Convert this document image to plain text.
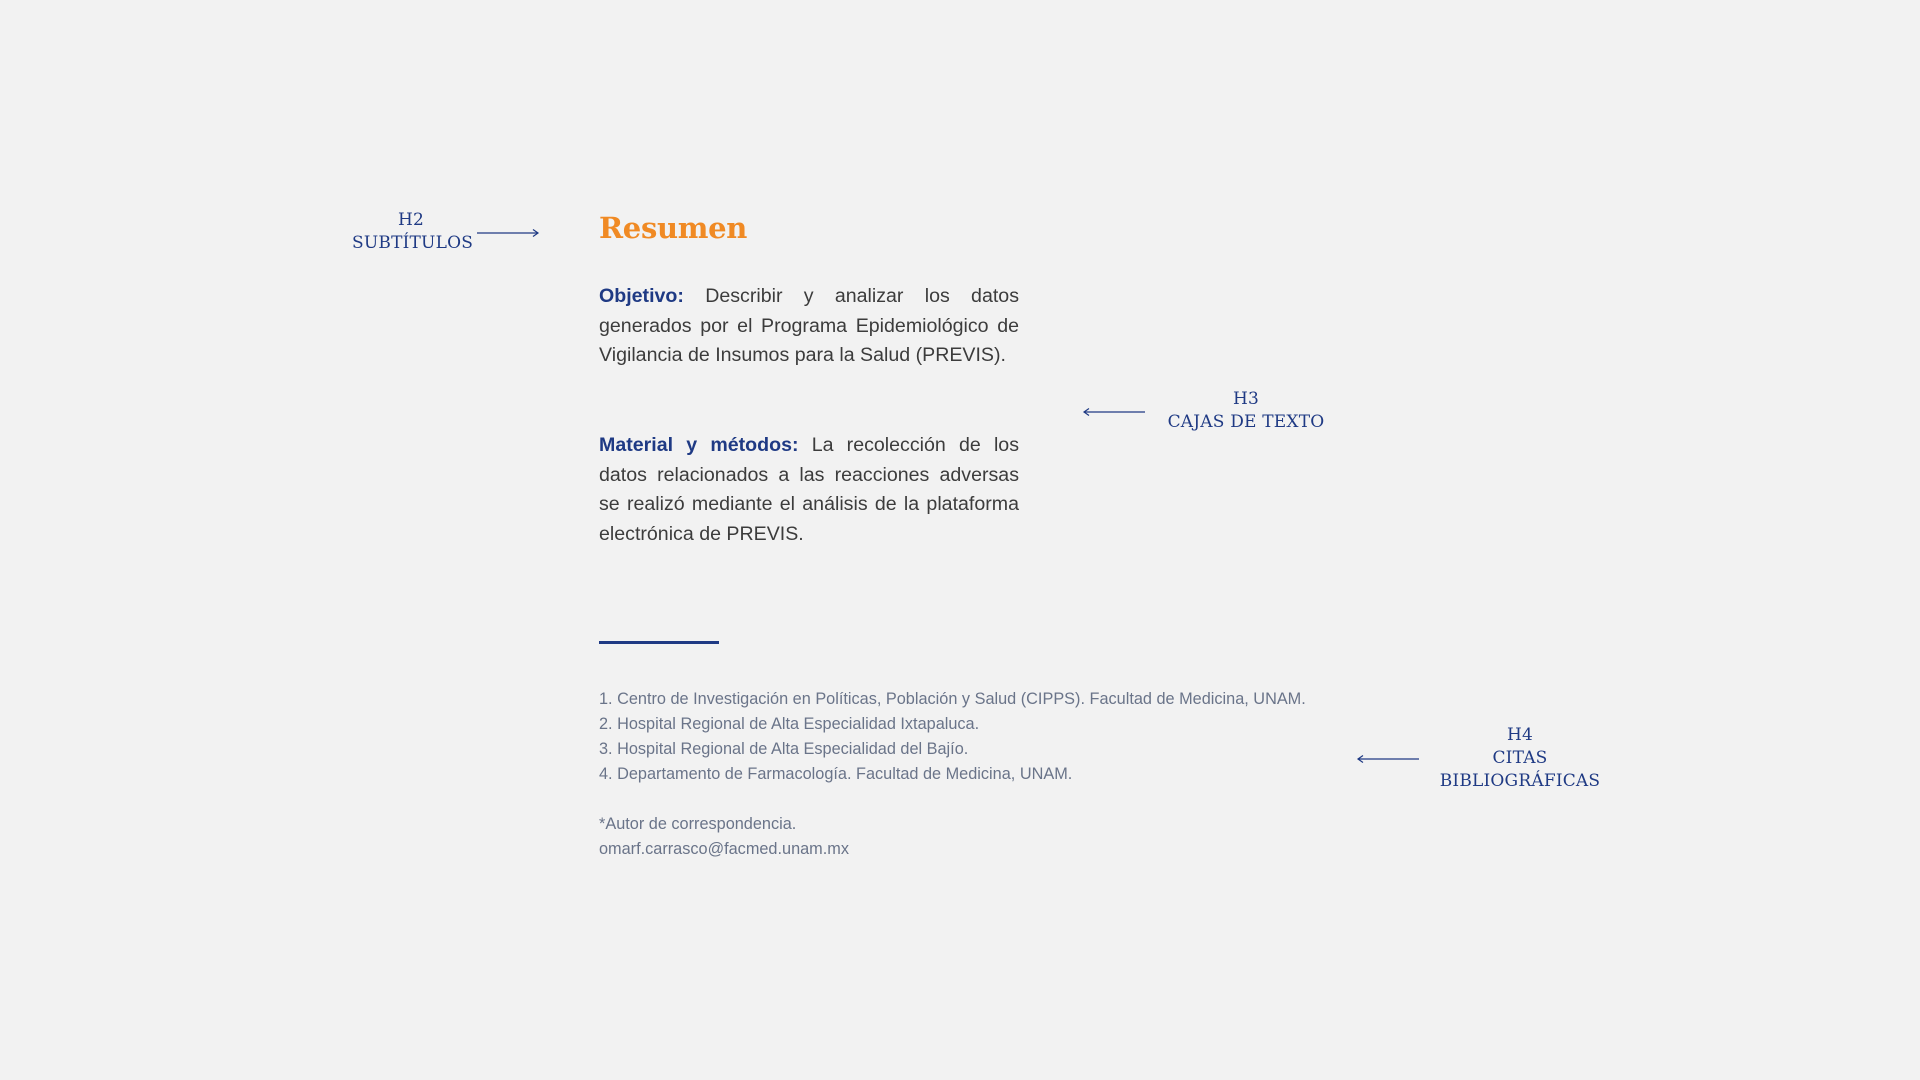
H2
SUBTÍTULOS
H3
CAJAS DE TEXTO
H4
CITAS
BIBLIOGRÁFICAS
Resumen

Objetivo: Describir y analizar los datos generados por el Programa Epidemiológico de Vigilancia de Insumos para la Salud (PREVIS).

Material y métodos: La recolección de los datos relacionados a las reacciones adversas se realizó mediante el análisis de la plataforma electrónica de PREVIS.

1. Centro de Investigación en Políticas, Población y Salud (CIPPS). Facultad de Medicina, UNAM.
2. Hospital Regional de Alta Especialidad Ixtapaluca.
3. Hospital Regional de Alta Especialidad del Bajío.
4. Departamento de Farmacología. Facultad de Medicina, UNAM.
*Autor de correspondencia.
omarf.carrasco@facmed.unam.mx
